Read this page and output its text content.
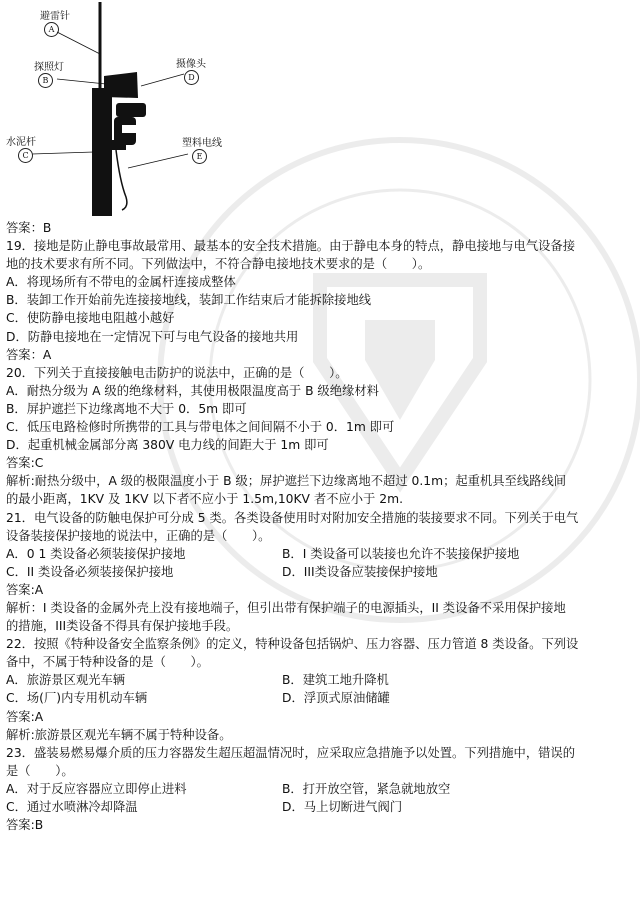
避雷针
A
探照灯
B
摄像头
D
水泥杆
C
塑料电线
E
答案：B
19．接地是防止静电事故最常用、最基本的安全技术措施。由于静电本身的特点，静电接地与电气设备接
地的技术要求有所不同。下列做法中，不符合静电接地技术要求的是（　　）。
A．将现场所有不带电的金属杆连接成整体
B．装卸工作开始前先连接接地线，装卸工作结束后才能拆除接地线
C．使防静电接地电阻越小越好
D．防静电接地在一定情况下可与电气设备的接地共用
答案：A
20．下列关于直接接触电击防护的说法中，正确的是（　　）。
A．耐热分级为 A 级的绝缘材料，其使用极限温度高于 B 级绝缘材料
B．屏护遮拦下边缘离地不大于 0．5m 即可
C．低压电路检修时所携带的工具与带电体之间间隔不小于 0．1m 即可
D．起重机械金属部分离 380V 电力线的间距大于 1m 即可
答案:C
解析:耐热分级中，A 级的极限温度小于 B 级；屏护遮拦下边缘离地不超过 0.1m；起重机具至线路线间
的最小距离，1KV 及 1KV 以下者不应小于 1.5m,10KV 者不应小于 2m.
21．电气设备的防触电保护可分成 5 类。各类设备使用时对附加安全措施的装接要求不同。下列关于电气
设备装接保护接地的说法中，正确的是（　　）。
A．0 1 类设备必须装接保护接地	B．I 类设备可以装接也允许不装接保护接地
C．II 类设备必须装接保护接地	D．III类设备应装接保护接地
答案:A
解析：I 类设备的金属外壳上没有接地端子，但引出带有保护端子的电源插头，II 类设备不采用保护接地
的措施，III类设备不得具有保护接地手段。
22．按照《特种设备安全监察条例》的定义，特种设备包括锅炉、压力容器、压力管道 8 类设备。下列设
备中，不属于特种设备的是（　　）。
A．旅游景区观光车辆	B．建筑工地升降机
C．场(厂)内专用机动车辆	D．浮顶式原油储罐
答案:A
解析:旅游景区观光车辆不属于特种设备。
23．盛装易燃易爆介质的压力容器发生超压超温情况时，应采取应急措施予以处置。下列措施中，错误的
是（　　）。
A．对于反应容器应立即停止进料	B．打开放空管，紧急就地放空
C．通过水喷淋冷却降温	D．马上切断进气阀门
答案:B
